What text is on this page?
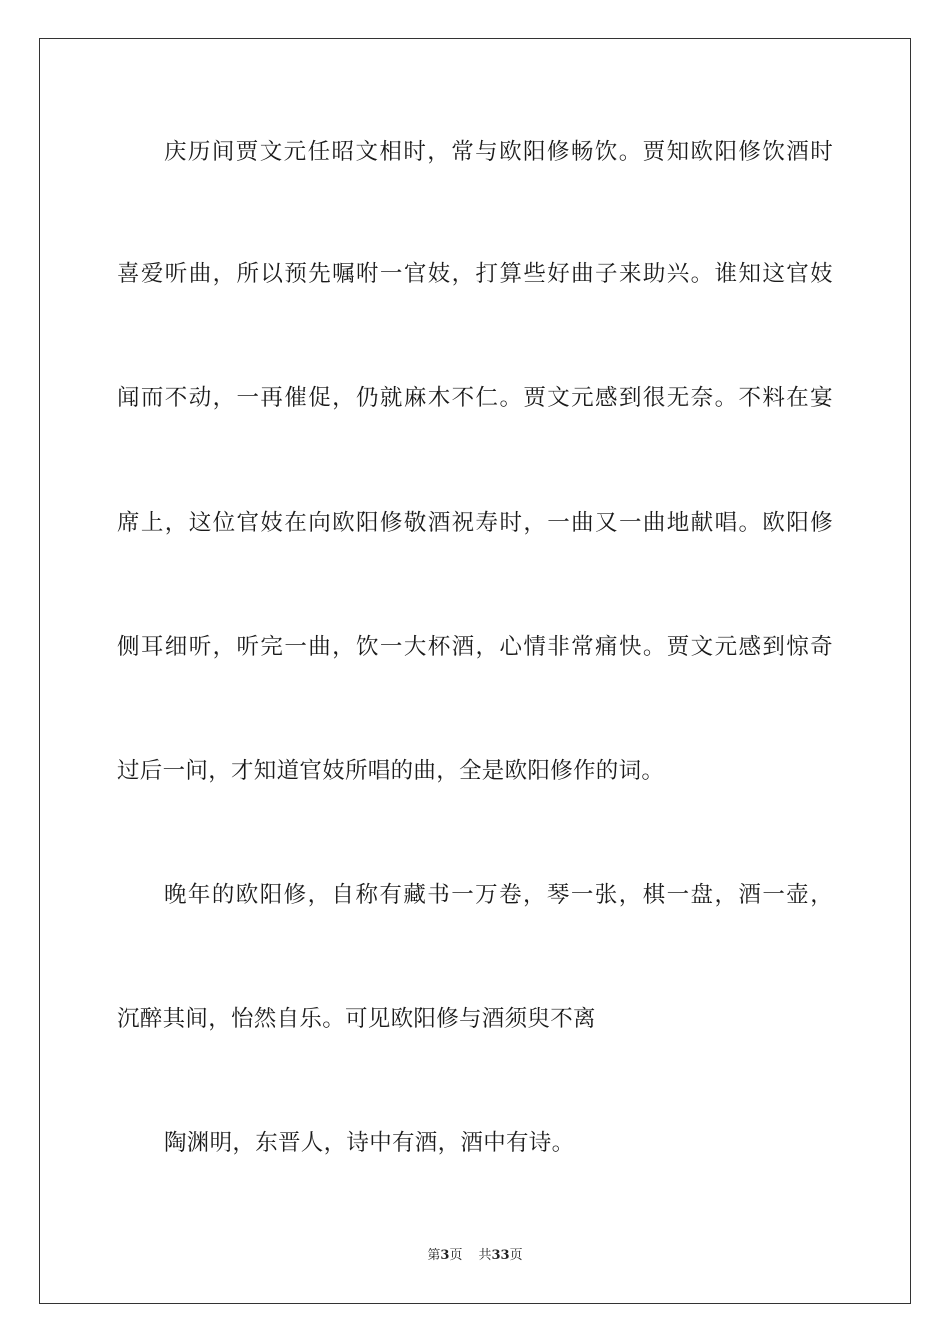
庆历间贾文元任昭文相时，常与欧阳修畅饮。贾知欧阳修饮酒时
喜爱听曲，所以预先嘱咐一官妓，打算些好曲子来助兴。谁知这官妓
闻而不动，一再催促，仍就麻木不仁。贾文元感到很无奈。不料在宴
席上，这位官妓在向欧阳修敬酒祝寿时，一曲又一曲地献唱。欧阳修
侧耳细听，听完一曲，饮一大杯酒，心情非常痛快。贾文元感到惊奇
过后一问，才知道官妓所唱的曲，全是欧阳修作的词。
晚年的欧阳修，自称有藏书一万卷，琴一张，棋一盘，酒一壶，
沉醉其间，怡然自乐。可见欧阳修与酒须臾不离
陶渊明，东晋人，诗中有酒，酒中有诗。
第3页 共33页
